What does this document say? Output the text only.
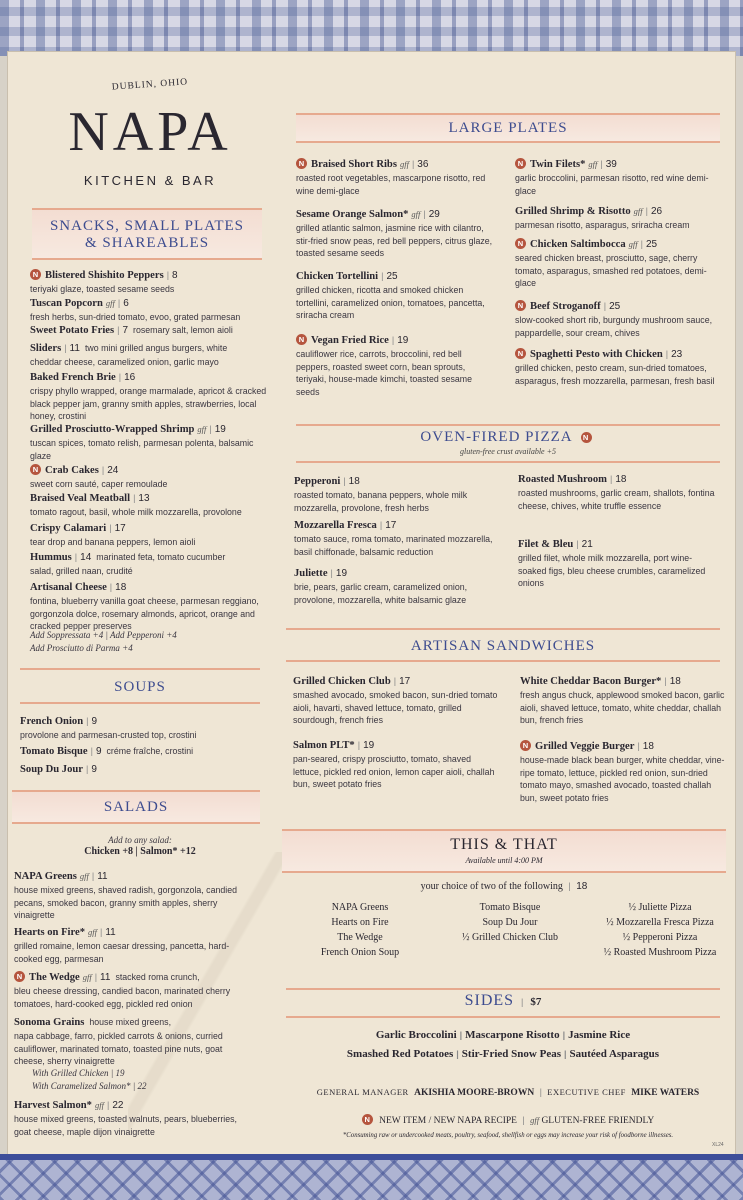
DUBLIN, OHIO
NAPA
KITCHEN & BAR
SNACKS, SMALL PLATES
& SHAREABLES
N Blistered Shishito Peppers | 8
teriyaki glaze, toasted sesame seeds
Tuscan Popcorn gff | 6
fresh herbs, sun-dried tomato, evoo, grated parmesan
Sweet Potato Fries | 7 rosemary salt, lemon aioli
Sliders | 11 two mini grilled angus burgers, white
cheddar cheese, caramelized onion, garlic mayo
Baked French Brie | 16
crispy phyllo wrapped, orange marmalade, apricot & cracked black pepper jam, granny smith apples, strawberries, local honey, crostini
Grilled Prosciutto-Wrapped Shrimp gff | 19
tuscan spices, tomato relish, parmesan polenta, balsamic glaze
N Crab Cakes | 24
sweet corn sauté, caper remoulade
Braised Veal Meatball | 13
tomato ragout, basil, whole milk mozzarella, provolone
Crispy Calamari | 17
tear drop and banana peppers, lemon aioli
Hummus | 14 marinated feta, tomato cucumber
salad, grilled naan, crudité
Artisanal Cheese | 18
fontina, blueberry vanilla goat cheese, parmesan reggiano, gorgonzola dolce, rosemary almonds, apricot, orange and cracked pepper preserves
Add Soppressata +4 | Add Pepperoni +4
Add Prosciutto di Parma +4
SOUPS
French Onion | 9
provolone and parmesan-crusted top, crostini
Tomato Bisque | 9 créme fraîche, crostini
Soup Du Jour | 9
SALADS
Add to any salad:
Chicken +8 | Salmon* +12
NAPA Greens gff | 11
house mixed greens, shaved radish, gorgonzola, candied pecans, smoked bacon, granny smith apples, sherry vinaigrette
Hearts on Fire* gff | 11
grilled romaine, lemon caesar dressing, pancetta, hard-cooked egg, parmesan
N The Wedge gff | 11 stacked roma crunch,
bleu cheese dressing, candied bacon, marinated cherry tomatoes, hard-cooked egg, pickled red onion
Sonoma Grains house mixed greens,
napa cabbage, farro, pickled carrots & onions, curried cauliflower, marinated tomato, toasted pine nuts, goat cheese, sherry vinaigrette
Harvest Salmon* gff | 22
house mixed greens, toasted walnuts, pears, blueberries, goat cheese, maple dijon vinaigrette
With Grilled Chicken | 19
With Caramelized Salmon* | 22
LARGE PLATES
N Braised Short Ribs gff | 36
roasted root vegetables, mascarpone risotto, red wine demi-glace
Sesame Orange Salmon* gff | 29
grilled atlantic salmon, jasmine rice with cilantro, stir-fried snow peas, red bell peppers, citrus glaze, toasted sesame seeds
Chicken Tortellini | 25
grilled chicken, ricotta and smoked chicken tortellini, caramelized onion, tomatoes, pancetta, sriracha cream
N Vegan Fried Rice | 19
cauliflower rice, carrots, broccolini, red bell peppers, roasted sweet corn, bean sprouts, teriyaki, house-made kimchi, toasted sesame seeds
N Twin Filets* gff | 39
garlic broccolini, parmesan risotto, red wine demi-glace
Grilled Shrimp & Risotto gff | 26
parmesan risotto, asparagus, sriracha cream
N Chicken Saltimbocca gff | 25
seared chicken breast, prosciutto, sage, cherry tomato, asparagus, smashed red potatoes, demi-glace
N Beef Stroganoff | 25
slow-cooked short rib, burgundy mushroom sauce, pappardelle, sour cream, chives
N Spaghetti Pesto with Chicken | 23
grilled chicken, pesto cream, sun-dried tomatoes, asparagus, fresh mozzarella, parmesan, fresh basil
OVEN-FIRED PIZZA N
gluten-free crust available +5
Pepperoni | 18
roasted tomato, banana peppers, whole milk mozzarella, provolone, fresh herbs
Mozzarella Fresca | 17
tomato sauce, roma tomato, marinated mozzarella, basil chiffonade, balsamic reduction
Juliette | 19
brie, pears, garlic cream, caramelized onion, provolone, mozzarella, white balsamic glaze
Roasted Mushroom | 18
roasted mushrooms, garlic cream, shallots, fontina cheese, chives, white truffle essence
Filet & Bleu | 21
grilled filet, whole milk mozzarella, port wine-soaked figs, bleu cheese crumbles, caramelized onions
ARTISAN SANDWICHES
Grilled Chicken Club | 17
smashed avocado, smoked bacon, sun-dried tomato aioli, havarti, shaved lettuce, tomato, grilled sourdough, french fries
Salmon PLT* | 19
pan-seared, crispy prosciutto, tomato, shaved lettuce, pickled red onion, lemon caper aioli, challah bun, sweet potato fries
White Cheddar Bacon Burger* | 18
fresh angus chuck, applewood smoked bacon, garlic aioli, shaved lettuce, tomato, white cheddar, challah bun, french fries
N Grilled Veggie Burger | 18
house-made black bean burger, white cheddar, vine-ripe tomato, lettuce, pickled red onion, sun-dried tomato mayo, smashed avocado, toasted challah bun, sweet potato fries
THIS & THAT
Available until 4:00 PM
your choice of two of the following | 18
NAPA Greens
Hearts on Fire
The Wedge
French Onion Soup
Tomato Bisque
Soup Du Jour
½ Grilled Chicken Club
½ Juliette Pizza
½ Mozzarella Fresca Pizza
½ Pepperoni Pizza
½ Roasted Mushroom Pizza
SIDES | $7
Garlic Broccolini | Mascarpone Risotto | Jasmine Rice
Smashed Red Potatoes | Stir-Fried Snow Peas | Sautéed Asparagus
GENERAL MANAGER AKISHIA MOORE-BROWN | EXECUTIVE CHEF MIKE WATERS
N NEW ITEM / NEW NAPA RECIPE | gff GLUTEN-FREE FRIENDLY
*Consuming raw or undercooked meats, poultry, seafood, shellfish or eggs may increase your risk of foodborne illnesses.
XL24
